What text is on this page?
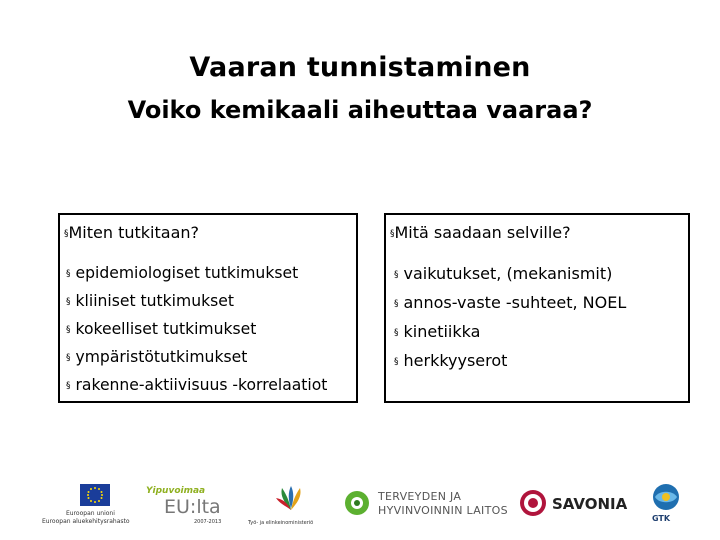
Vaaran tunnistaminen
Voiko kemikaali aiheuttaa vaaraa?
§Miten tutkitaan?
§ epidemiologiset tutkimukset
§ kliiniset tutkimukset
§ kokeelliset tutkimukset
§ ympäristötutkimukset
§ rakenne-aktiivisuus -korrelaatiot
§Mitä saadaan selville?
§ vaikutukset, (mekanismit)
§ annos-vaste -suhteet, NOEL
§ kinetiikka
§ herkkyyserot
Euroopan unioni
Euroopan aluekehitysrahasto
Yipuvoimaa
EU:lta
2007-2013	Työ- ja elinkeinoministeriö
TERVEYDEN JA
HYVINVOINNIN LAITOS	SAVONIA
GTK
